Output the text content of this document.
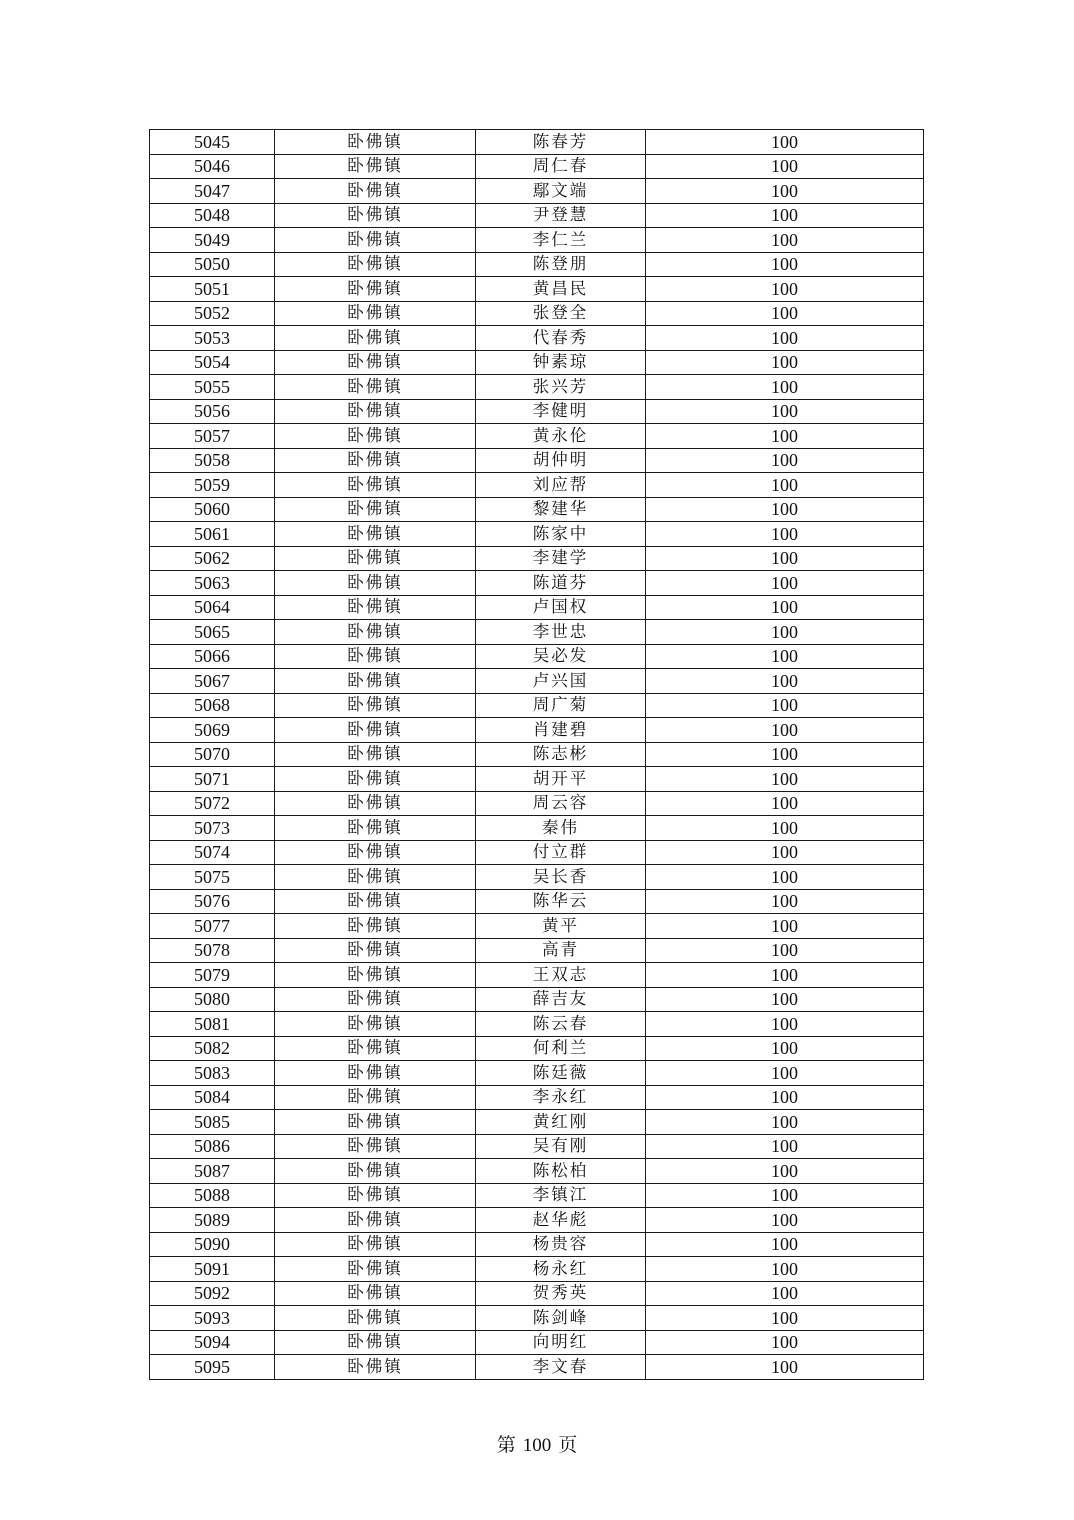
5045	卧佛镇	陈春芳	100
5046	卧佛镇	周仁春	100
5047	卧佛镇	鄢文端	100
5048	卧佛镇	尹登慧	100
5049	卧佛镇	李仁兰	100
5050	卧佛镇	陈登朋	100
5051	卧佛镇	黄昌民	100
5052	卧佛镇	张登全	100
5053	卧佛镇	代春秀	100
5054	卧佛镇	钟素琼	100
5055	卧佛镇	张兴芳	100
5056	卧佛镇	李健明	100
5057	卧佛镇	黄永伦	100
5058	卧佛镇	胡仲明	100
5059	卧佛镇	刘应帮	100
5060	卧佛镇	黎建华	100
5061	卧佛镇	陈家中	100
5062	卧佛镇	李建学	100
5063	卧佛镇	陈道芬	100
5064	卧佛镇	卢国权	100
5065	卧佛镇	李世忠	100
5066	卧佛镇	吴必发	100
5067	卧佛镇	卢兴国	100
5068	卧佛镇	周广菊	100
5069	卧佛镇	肖建碧	100
5070	卧佛镇	陈志彬	100
5071	卧佛镇	胡开平	100
5072	卧佛镇	周云容	100
5073	卧佛镇	秦伟	100
5074	卧佛镇	付立群	100
5075	卧佛镇	吴长香	100
5076	卧佛镇	陈华云	100
5077	卧佛镇	黄平	100
5078	卧佛镇	高青	100
5079	卧佛镇	王双志	100
5080	卧佛镇	薛吉友	100
5081	卧佛镇	陈云春	100
5082	卧佛镇	何利兰	100
5083	卧佛镇	陈廷薇	100
5084	卧佛镇	李永红	100
5085	卧佛镇	黄红刚	100
5086	卧佛镇	吴有刚	100
5087	卧佛镇	陈松柏	100
5088	卧佛镇	李镇江	100
5089	卧佛镇	赵华彪	100
5090	卧佛镇	杨贵容	100
5091	卧佛镇	杨永红	100
5092	卧佛镇	贺秀英	100
5093	卧佛镇	陈剑峰	100
5094	卧佛镇	向明红	100
5095	卧佛镇	李文春	100
第 100 页
